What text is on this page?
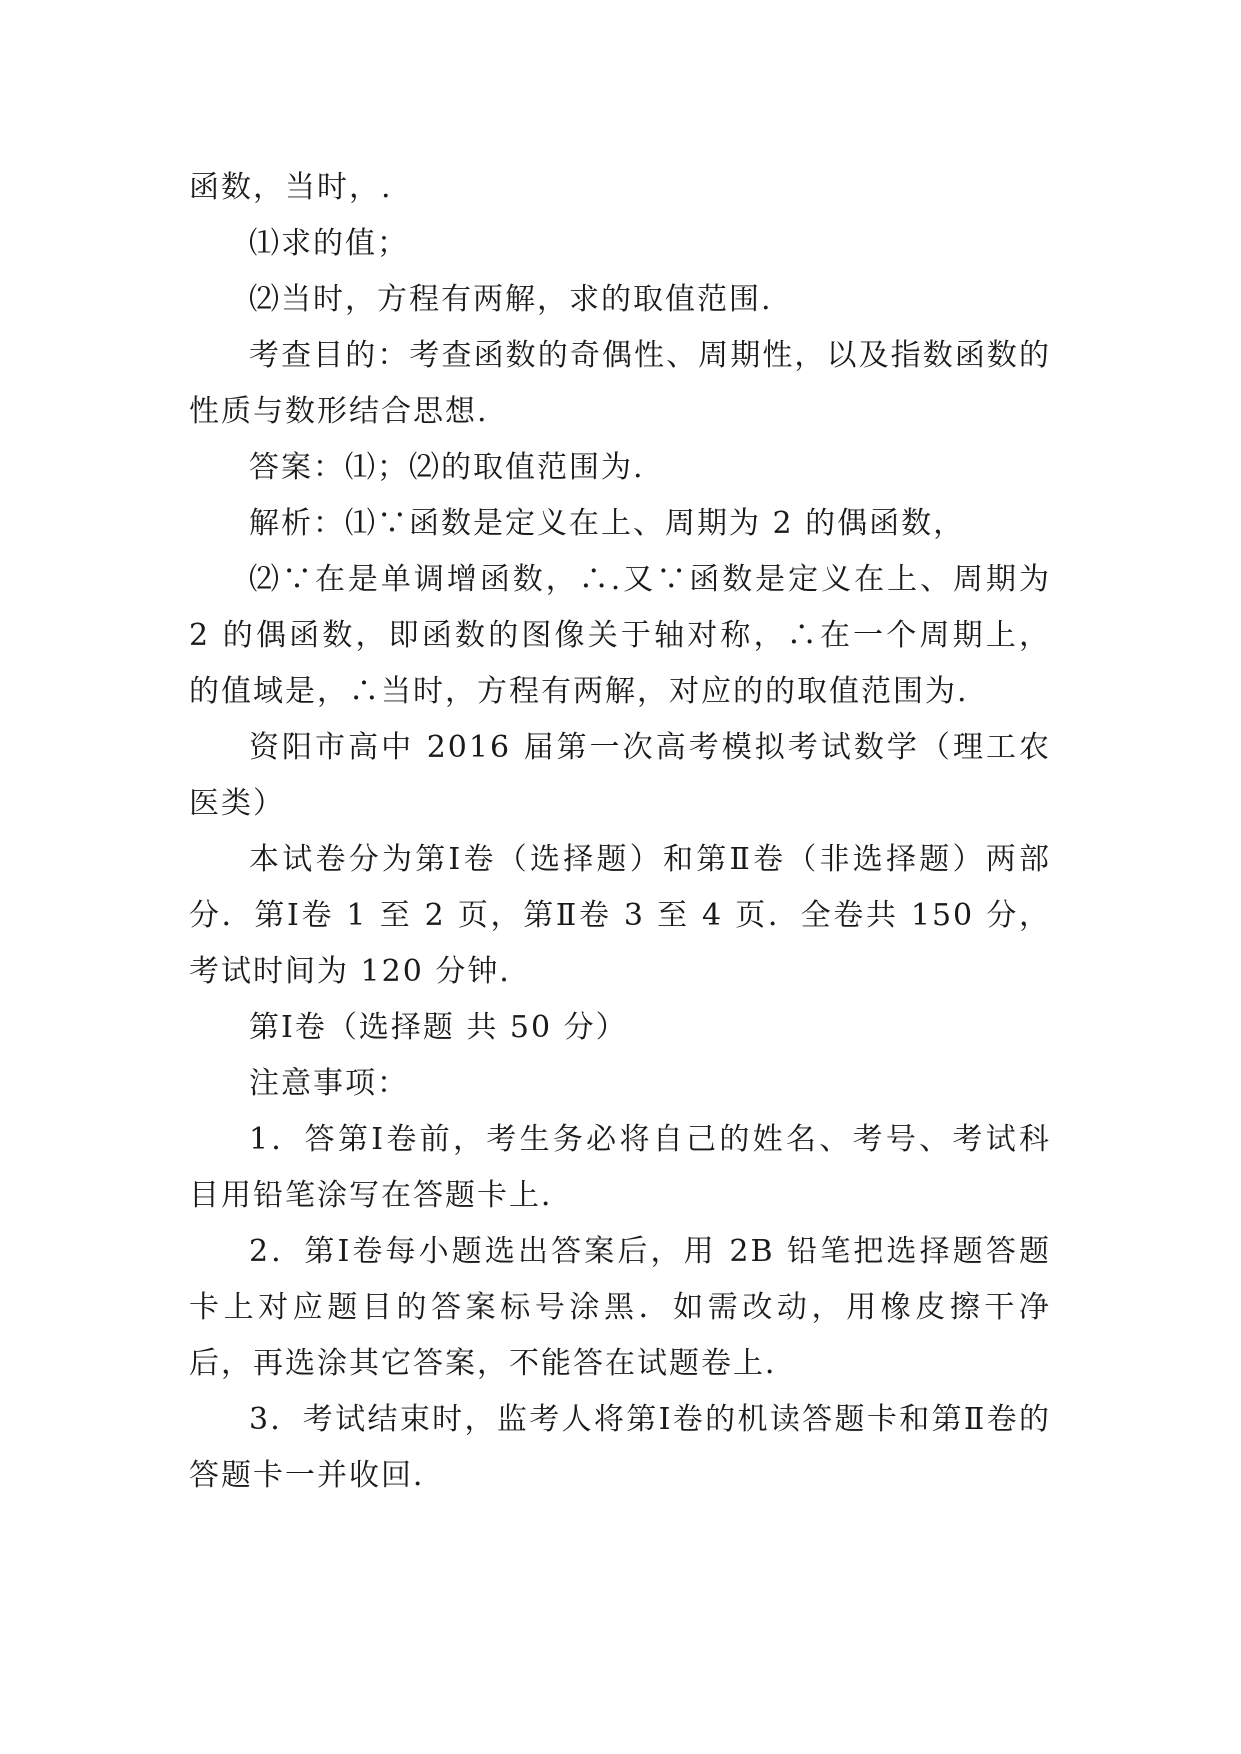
函数，当时，.

⑴求的值；

⑵当时，方程有两解，求的取值范围.

考查目的：考查函数的奇偶性、周期性，以及指数函数的性质与数形结合思想.

答案：⑴；⑵的取值范围为.

解析：⑴∵函数是定义在上、周期为 2 的偶函数，

⑵∵在是单调增函数，∴.又∵函数是定义在上、周期为 2 的偶函数，即函数的图像关于轴对称，∴在一个周期上，的值域是，∴当时，方程有两解，对应的的取值范围为.

资阳市高中 2016 届第一次高考模拟考试数学（理工农医类）

本试卷分为第Ⅰ卷（选择题）和第Ⅱ卷（非选择题）两部分．第Ⅰ卷 1 至 2 页，第Ⅱ卷 3 至 4 页．全卷共 150 分，考试时间为 120 分钟．

第Ⅰ卷（选择题 共 50 分）

注意事项：

1．答第Ⅰ卷前，考生务必将自己的姓名、考号、考试科目用铅笔涂写在答题卡上．

2．第Ⅰ卷每小题选出答案后，用 2B 铅笔把选择题答题卡上对应题目的答案标号涂黑．如需改动，用橡皮擦干净后，再选涂其它答案，不能答在试题卷上．

3．考试结束时，监考人将第Ⅰ卷的机读答题卡和第Ⅱ卷的答题卡一并收回．
